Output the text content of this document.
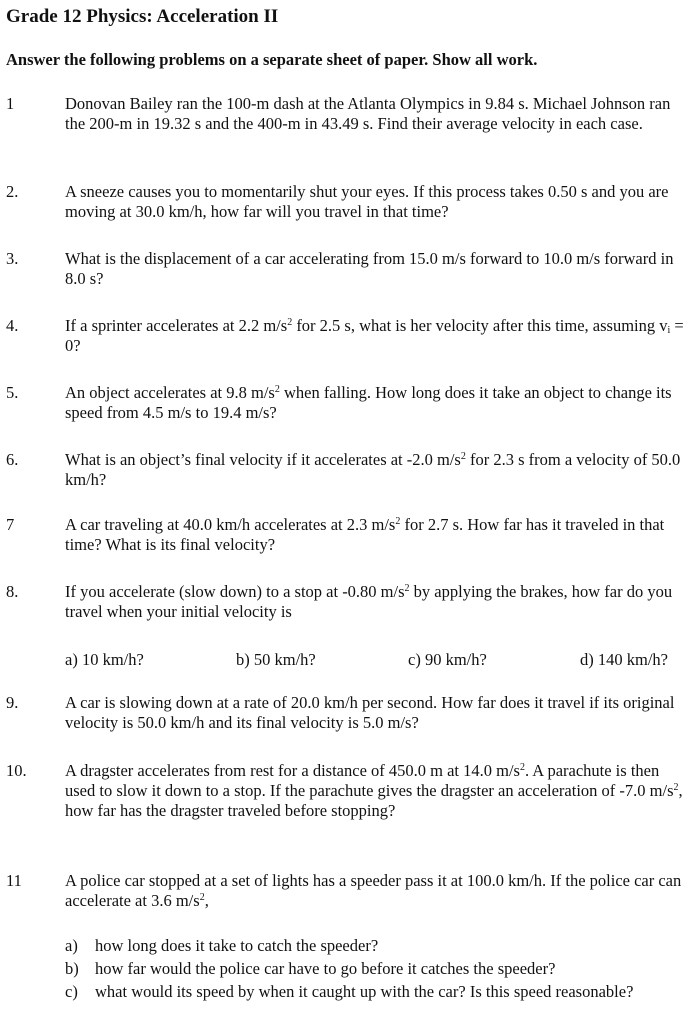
Grade 12 Physics: Acceleration II
Answer the following problems on a separate sheet of paper. Show all work.
1	Donovan Bailey ran the 100-m dash at the Atlanta Olympics in 9.84 s. Michael Johnson ran the 200-m in 19.32 s and the 400-m in 43.49 s. Find their average velocity in each case.
2.	A sneeze causes you to momentarily shut your eyes. If this process takes 0.50 s and you are moving at 30.0 km/h, how far will you travel in that time?
3.	What is the displacement of a car accelerating from 15.0 m/s forward to 10.0 m/s forward in 8.0 s?
4.	If a sprinter accelerates at 2.2 $m/s^2$ for 2.5 s, what is her velocity after this time, assuming $v_i = 0$?
5.	An object accelerates at 9.8 $m/s^2$ when falling. How long does it take an object to change its speed from 4.5 m/s to 19.4 m/s?
6.	What is an object’s final velocity if it accelerates at -2.0 $m/s^2$ for 2.3 s from a velocity of 50.0 km/h?
7	A car traveling at 40.0 km/h accelerates at 2.3 $m/s^2$ for 2.7 s. How far has it traveled in that time? What is its final velocity?
8.	If you accelerate (slow down) to a stop at -0.80 $m/s^2$ by applying the brakes, how far do you travel when your initial velocity is
a) 10 km/h?	b) 50 km/h?	c) 90 km/h?	d) 140 km/h?
9.	A car is slowing down at a rate of 20.0 km/h per second. How far does it travel if its original velocity is 50.0 km/h and its final velocity is 5.0 m/s?
10. A dragster accelerates from rest for a distance of 450.0 m at 14.0 $m/s^2$. A parachute is then used to slow it down to a stop. If the parachute gives the dragster an acceleration of -7.0 $m/s^2$, how far has the dragster traveled before stopping?
11	A police car stopped at a set of lights has a speeder pass it at 100.0 km/h. If the police car can accelerate at 3.6 $m/s^2$,
a) how long does it take to catch the speeder?
b) how far would the police car have to go before it catches the speeder?
c) what would its speed by when it caught up with the car? Is this speed reasonable?
